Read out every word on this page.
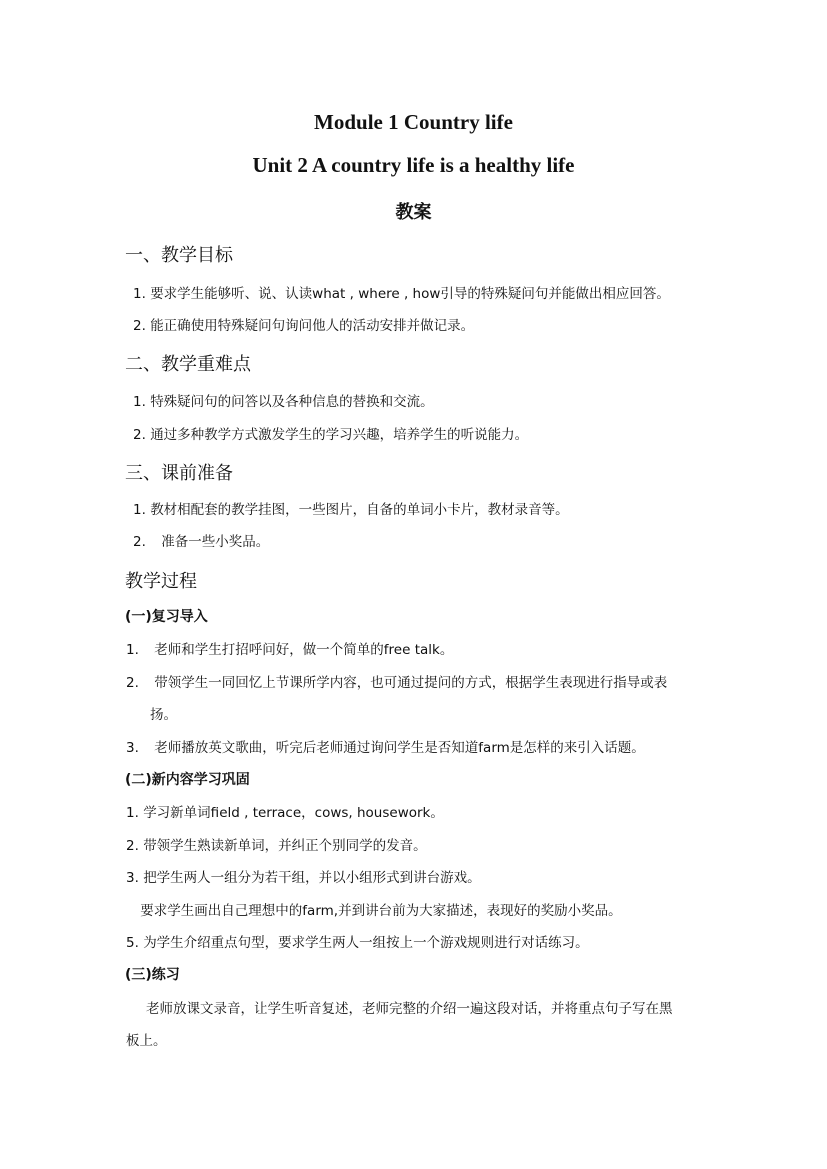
Module 1 Country life
Unit 2 A country life is a healthy life
教案
一、教学目标
1. 要求学生能够听、说、认读what , where , how引导的特殊疑问句并能做出相应回答。
2. 能正确使用特殊疑问句询问他人的活动安排并做记录。
二、教学重难点
1. 特殊疑问句的问答以及各种信息的替换和交流。
2. 通过多种教学方式激发学生的学习兴趣，培养学生的听说能力。
三、课前准备
1. 教材相配套的教学挂图，一些图片，自备的单词小卡片，教材录音等。
2. 准备一些小奖品。
教学过程
(一)复习导入
1. 老师和学生打招呼问好，做一个简单的free talk。
2. 带领学生一同回忆上节课所学内容，也可通过提问的方式，根据学生表现进行指导或表
扬。
3. 老师播放英文歌曲，听完后老师通过询问学生是否知道farm是怎样的来引入话题。
(二)新内容学习巩固
1. 学习新单词field , terrace，cows, housework。
2. 带领学生熟读新单词，并纠正个别同学的发音。
3. 把学生两人一组分为若干组，并以小组形式到讲台游戏。
要求学生画出自己理想中的farm,并到讲台前为大家描述，表现好的奖励小奖品。
5. 为学生介绍重点句型，要求学生两人一组按上一个游戏规则进行对话练习。
(三)练习
老师放课文录音，让学生听音复述，老师完整的介绍一遍这段对话，并将重点句子写在黑
板上。
